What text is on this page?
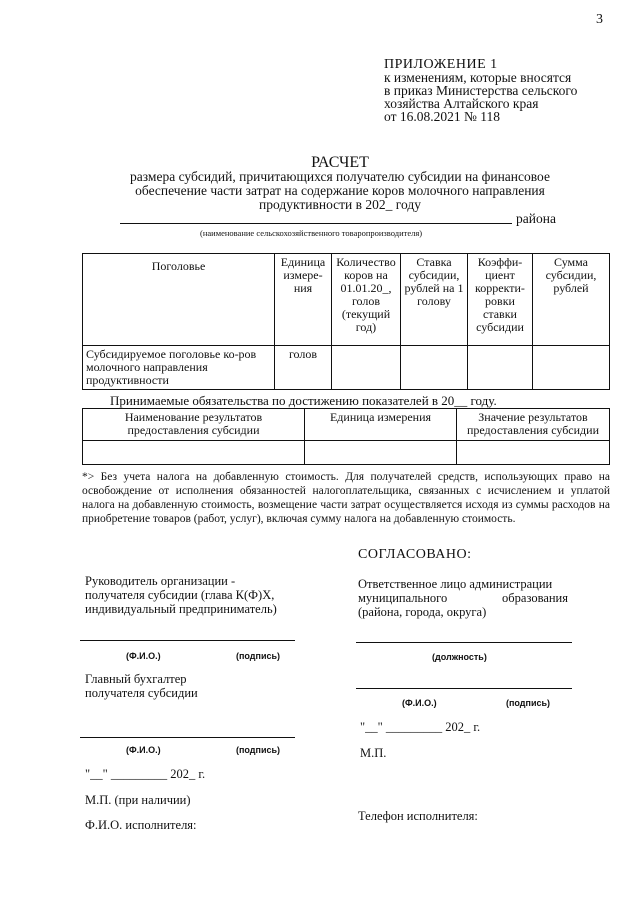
3
ПРИЛОЖЕНИЕ 1
к изменениям, которые вносятся
в приказ Министерства сельского
хозяйства Алтайского края
от 16.08.2021 № 118
РАСЧЕТ
размера субсидий, причитающихся получателю субсидии на финансовое
обеспечение части затрат на содержание коров молочного направления
продуктивности в 202_ году
района
(наименование сельскохозяйственного товаропроизводителя)
Поголовье	Единица измере-ния	Количество коров на 01.01.20_, голов (текущий год)	Ставка субсидии, рублей на 1 голову	Коэффи-циент корректи-ровки ставки субсидии	Сумма субсидии, рублей
Субсидируемое поголовье ко-ров молочного направления продуктивности	голов				
Принимаемые обязательства по достижению показателей в 20__ году.
Наименование результатов предоставления субсидии	Единица измерения	Значение результатов предоставления субсидии

*> Без учета налога на добавленную стоимость. Для получателей средств, использующих право на освобождение от исполнения обязанностей налогоплательщика, связанных с исчислением и уплатой налога на добавленную стоимость, возмещение части затрат осуществляется исходя из суммы расходов на приобретение товаров (работ, услуг), включая сумму налога на добавленную стоимость.
СОГЛАСОВАНО:
Руководитель организации -
получателя субсидии (глава К(Ф)Х,
индивидуальный предприниматель)
(Ф.И.О.)	(подпись)
Главный бухгалтер
получателя субсидии
(Ф.И.О.)	(подпись)
"__" _________ 202_ г.
М.П. (при наличии)
Ф.И.О. исполнителя:
Ответственное лицо администрации
муниципального образования
(района, города, округа)
(должность)
(Ф.И.О.)	(подпись)
"__" _________ 202_ г.
М.П.
Телефон исполнителя:
